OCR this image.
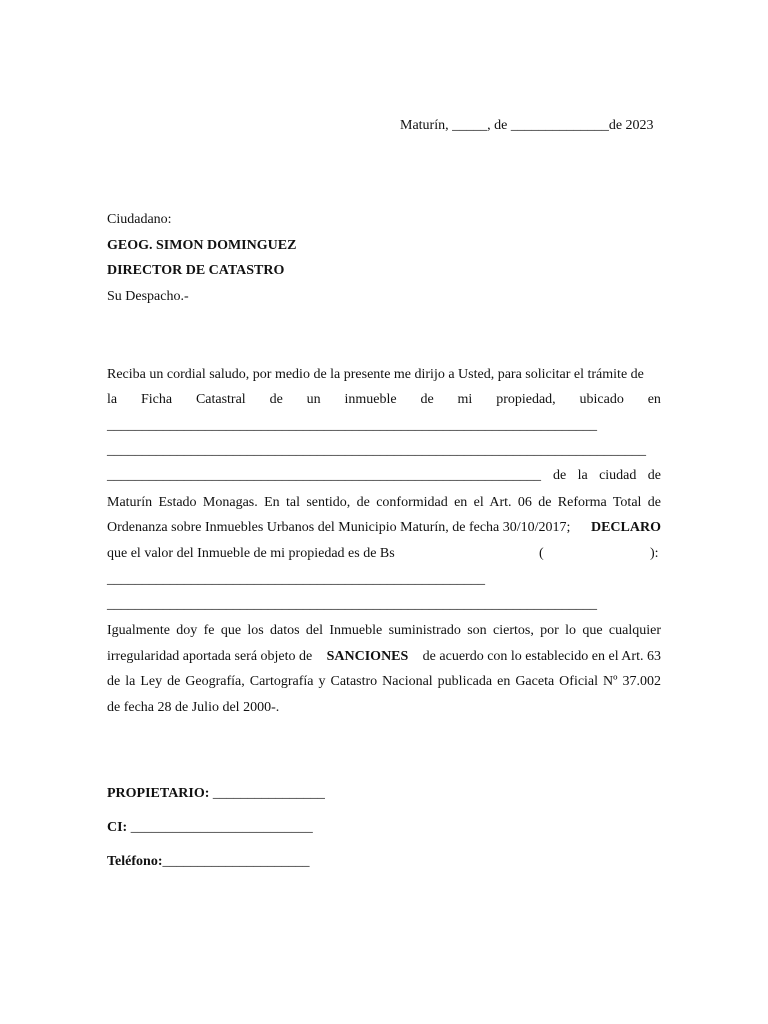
Maturín, _____, de ______________de 2023
Ciudadano:
GEOG. SIMON DOMINGUEZ
DIRECTOR DE CATASTRO
Su Despacho.-
Reciba un cordial saludo, por medio de la presente me dirijo a Usted, para solicitar el trámite de
la Ficha Catastral de un inmueble de mi propiedad, ubicado en
______________________________________________________________________
_____________________________________________________________________________
______________________________________________________________ de la ciudad de
Maturín Estado Monagas. En tal sentido, de conformidad en el Art. 06 de Reforma Total de
Ordenanza sobre Inmuebles Urbanos del Municipio Maturín, de fecha 30/10/2017; DECLARO
que el valor del Inmueble de mi propiedad es de Bs	(	):
______________________________________________________
______________________________________________________________________
Igualmente doy fe que los datos del Inmueble suministrado son ciertos, por lo que cualquier
irregularidad aportada será objeto de SANCIONES de acuerdo con lo establecido en el Art. 63
de la Ley de Geografía, Cartografía y Catastro Nacional publicada en Gaceta Oficial Nº 37.002
de fecha 28 de Julio del 2000-.
PROPIETARIO: ________________
CI: __________________________
Teléfono:_____________________
